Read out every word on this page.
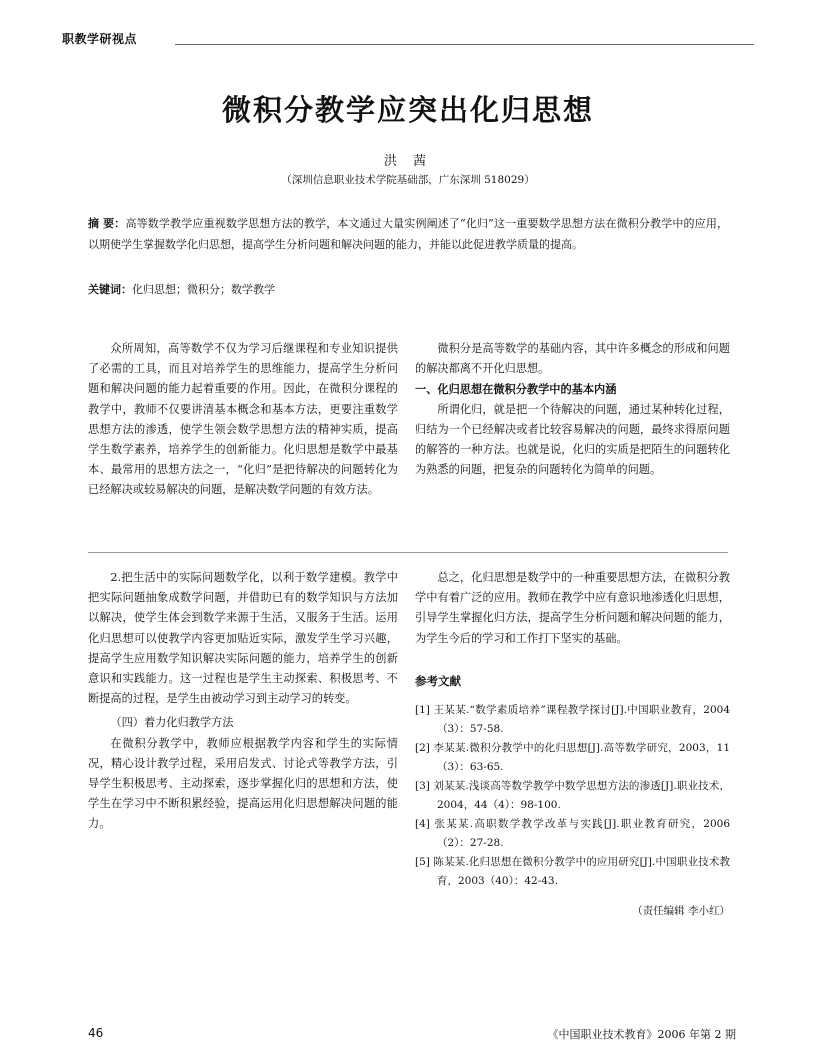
职教学研视点
微积分教学应突出化归思想
洪 茜
（深圳信息职业技术学院基础部，广东深圳 518029）
摘 要：高等数学教学应重视数学思想方法的教学，本文通过大量实例阐述了“化归”这一重要数学思想方法在微积分教学中的应用，以期使学生掌握数学化归思想，提高学生分析问题和解决问题的能力，并能以此促进教学质量的提高。
关键词：化归思想；微积分；数学教学

众所周知，高等数学不仅为学习后继课程和专业知识提供了必需的工具，而且对培养学生的思维能力，提高学生分析问题和解决问题的能力起着重要的作用。因此，在微积分课程的教学中，教师不仅要讲清基本概念和基本方法，更要注重数学思想方法的渗透，使学生领会数学思想方法的精神实质，提高学生数学素养，培养学生的创新能力。化归思想是数学中最基本、最常用的思想方法之一，“化归”是把待解决的问题转化为已经解决或较易解决的问题，是解决数学问题的有效方法。

微积分是高等数学的基础内容，其中许多概念的形成和问题的解决都离不开化归思想。

一、化归思想在微积分教学中的基本内涵

所谓化归，就是把一个待解决的问题，通过某种转化过程，归结为一个已经解决或者比较容易解决的问题，最终求得原问题的解答的一种方法。也就是说，化归的实质是把陌生的问题转化为熟悉的问题，把复杂的问题转化为简单的问题。

2.把生活中的实际问题数学化，以利于数学建模。教学中把实际问题抽象成数学问题，并借助已有的数学知识与方法加以解决，使学生体会到数学来源于生活，又服务于生活。运用化归思想可以使教学内容更加贴近实际，激发学生学习兴趣，提高学生应用数学知识解决实际问题的能力，培养学生的创新意识和实践能力。这一过程也是学生主动探索、积极思考、不断提高的过程，是学生由被动学习到主动学习的转变。

（四）着力化归教学方法

在微积分教学中，教师应根据教学内容和学生的实际情况，精心设计教学过程，采用启发式、讨论式等教学方法，引导学生积极思考、主动探索，逐步掌握化归的思想和方法，使学生在学习中不断积累经验，提高运用化归思想解决问题的能力。

总之，化归思想是数学中的一种重要思想方法，在微积分教学中有着广泛的应用。教师在教学中应有意识地渗透化归思想，引导学生掌握化归方法，提高学生分析问题和解决问题的能力，为学生今后的学习和工作打下坚实的基础。

参考文献
[1] 王某某.“数学素质培养”课程教学探讨[J].中国职业教育，2004（3）：57-58.
[2] 李某某.微积分教学中的化归思想[J].高等数学研究，2003，11（3）：63-65.
[3] 刘某某.浅谈高等数学教学中数学思想方法的渗透[J].职业技术，2004，44（4）：98-100.
[4] 张某某.高职数学教学改革与实践[J].职业教育研究，2006（2）：27-28.
[5] 陈某某.化归思想在微积分教学中的应用研究[J].中国职业技术教育，2003（40）：42-43.
（责任编辑 李小红）
46	《中国职业技术教育》2006 年第 2 期
